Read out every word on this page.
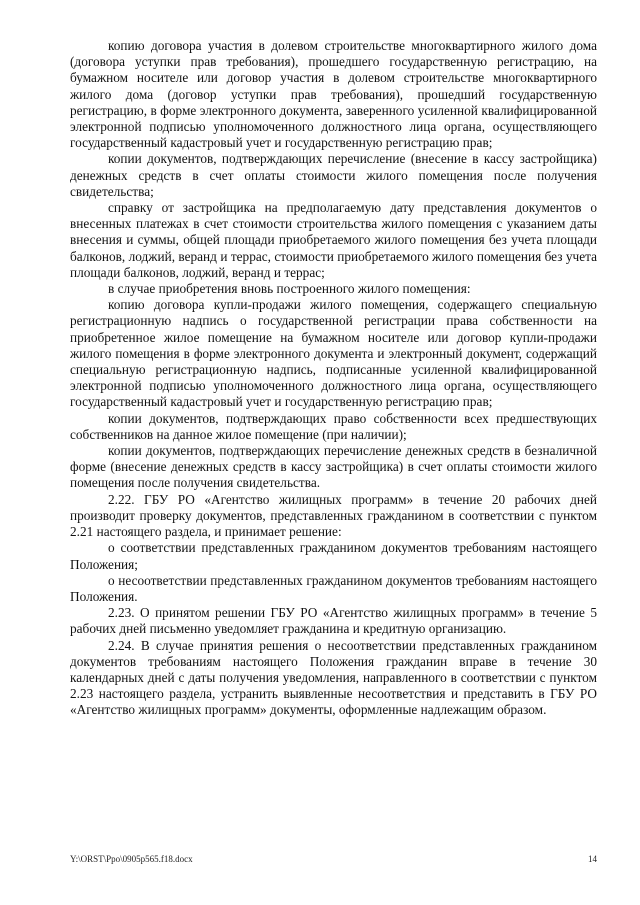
копию договора участия в долевом строительстве многоквартирного жилого дома (договора уступки прав требования), прошедшего государственную регистрацию, на бумажном носителе или договор участия в долевом строительстве многоквартирного жилого дома (договор уступки прав требования), прошедший государственную регистрацию, в форме электронного документа, заверенного усиленной квалифицированной электронной подписью уполномоченного должностного лица органа, осуществляющего государственный кадастровый учет и государственную регистрацию прав;

копии документов, подтверждающих перечисление (внесение в кассу застройщика) денежных средств в счет оплаты стоимости жилого помещения после получения свидетельства;

справку от застройщика на предполагаемую дату представления документов о внесенных платежах в счет стоимости строительства жилого помещения с указанием даты внесения и суммы, общей площади приобретаемого жилого помещения без учета площади балконов, лоджий, веранд и террас, стоимости приобретаемого жилого помещения без учета площади балконов, лоджий, веранд и террас;

в случае приобретения вновь построенного жилого помещения:

копию договора купли-продажи жилого помещения, содержащего специальную регистрационную надпись о государственной регистрации права собственности на приобретенное жилое помещение на бумажном носителе или договор купли-продажи жилого помещения в форме электронного документа и электронный документ, содержащий специальную регистрационную надпись, подписанные усиленной квалифицированной электронной подписью уполномоченного должностного лица органа, осуществляющего государственный кадастровый учет и государственную регистрацию прав;

копии документов, подтверждающих право собственности всех предшествующих собственников на данное жилое помещение (при наличии);

копии документов, подтверждающих перечисление денежных средств в безналичной форме (внесение денежных средств в кассу застройщика) в счет оплаты стоимости жилого помещения после получения свидетельства.

2.22. ГБУ РО «Агентство жилищных программ» в течение 20 рабочих дней производит проверку документов, представленных гражданином в соответствии с пунктом 2.21 настоящего раздела, и принимает решение:

о соответствии представленных гражданином документов требованиям настоящего Положения;

о несоответствии представленных гражданином документов требованиям настоящего Положения.

2.23. О принятом решении ГБУ РО «Агентство жилищных программ» в течение 5 рабочих дней письменно уведомляет гражданина и кредитную организацию.

2.24. В случае принятия решения о несоответствии представленных гражданином документов требованиям настоящего Положения гражданин вправе в течение 30 календарных дней с даты получения уведомления, направленного в соответствии с пунктом 2.23 настоящего раздела, устранить выявленные несоответствия и представить в ГБУ РО «Агентство жилищных программ» документы, оформленные надлежащим образом.

Y:\ORST\Ppo\0905p565.f18.docx	14
